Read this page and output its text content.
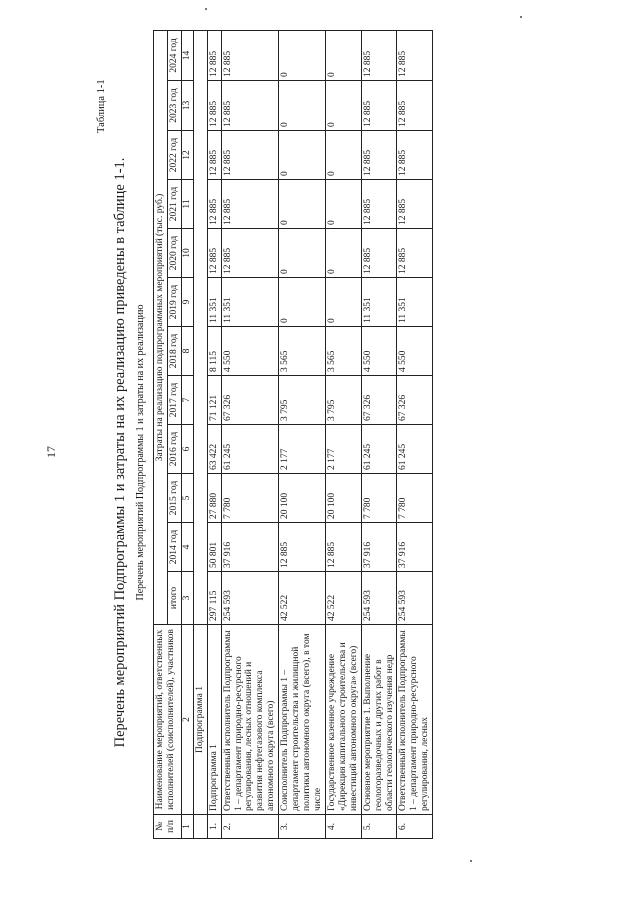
17
Таблица 1-1
Перечень мероприятий Подпрограммы 1 и затраты на их реализацию приведены в таблице 1-1. Перечень мероприятий Подпрограммы 1 и затраты на их реализацию
№ п/п	Наименование мероприятий, ответственных исполнителей (соисполнителей), участников	Затраты на реализацию подпрограммных мероприятий (тыс. руб.)											
		итого	2014 год	2015 год	2016 год	2017 год	2018 год	2019 год	2020 год	2021 год	2022 год	2023 год	2024 год
1	2	3	4	5	6	7	8	9	10	11	12	13	14
	Подпрограмма 1												
1.	Подпрограмма 1	297 115	50 801	27 880	63 422	71 121	8 115	11 351	12 885	12 885	12 885	12 885	12 885
2.	Ответственный исполнитель Подпрограммы 1 – департамент природно-ресурсного регулирования, лесных отношений и развития нефтегазового комплекса автономного округа (всего)	254 593	37 916	7 780	61 245	67 326	4 550	11 351	12 885	12 885	12 885	12 885	12 885
3.	Соисполнитель Подпрограммы 1 – департамент строительства и жилищной политики автономного округа (всего), в том числе	42 522	12 885	20 100	2 177	3 795	3 565	0	0	0	0	0	0
4.	Государственное казенное учреждение «Дирекция капитального строительства и инвестиций автономного округа» (всего)	42 522	12 885	20 100	2 177	3 795	3 565	0	0	0	0	0	0
5.	Основное мероприятие 1. Выполнение геологоразведочных и других работ в области геологического изучения недр	254 593	37 916	7 780	61 245	67 326	4 550	11 351	12 885	12 885	12 885	12 885	12 885
6.	Ответственный исполнитель Подпрограммы 1 – департамент природно-ресурсного регулирования, лесных	254 593	37 916	7 780	61 245	67 326	4 550	11 351	12 885	12 885	12 885	12 885	12 885
